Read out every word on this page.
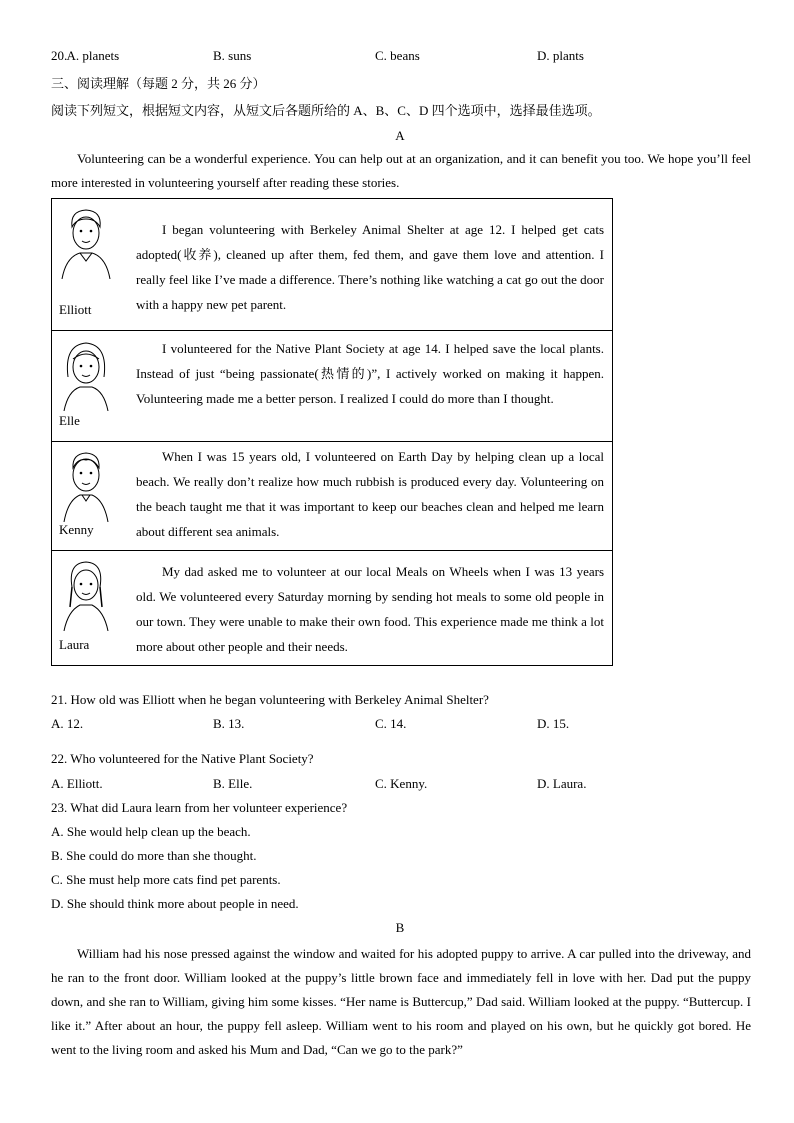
20. A. planets	B. suns	C. beans	D. plants
三、阅读理解（每题 2 分，共 26 分）
阅读下列短文，根据短文内容，从短文后各题所给的 A、B、C、D 四个选项中，选择最佳选项。
A
Volunteering can be a wonderful experience. You can help out at an organization, and it can benefit you too. We hope you’ll feel more interested in volunteering yourself after reading these stories.
Elliott

I began volunteering with Berkeley Animal Shelter at age 12. I helped get cats adopted(收养), cleaned up after them, fed them, and gave them love and attention. I really feel like I’ve made a difference. There’s nothing like watching a cat go out the door with a happy new pet parent.

Elle

I volunteered for the Native Plant Society at age 14. I helped save the local plants. Instead of just “being passionate(热情的)”, I actively worked on making it happen. Volunteering made me a better person. I realized I could do more than I thought.

Kenny

When I was 15 years old, I volunteered on Earth Day by helping clean up a local beach. We really don’t realize how much rubbish is produced every day. Volunteering on the beach taught me that it was important to keep our beaches clean and helped me learn about different sea animals.

Laura

My dad asked me to volunteer at our local Meals on Wheels when I was 13 years old. We volunteered every Saturday morning by sending hot meals to some old people in our town. They were unable to make their own food. This experience made me think a lot more about other people and their needs.

21. How old was Elliott when he began volunteering with Berkeley Animal Shelter?
A. 12.	B. 13.	C. 14.	D. 15.
22. Who volunteered for the Native Plant Society?
A. Elliott.	B. Elle.	C. Kenny.	D. Laura.
23. What did Laura learn from her volunteer experience?
A. She would help clean up the beach.
B. She could do more than she thought.
C. She must help more cats find pet parents.
D. She should think more about people in need.
B
William had his nose pressed against the window and waited for his adopted puppy to arrive. A car pulled into the driveway, and he ran to the front door. William looked at the puppy’s little brown face and immediately fell in love with her. Dad put the puppy down, and she ran to William, giving him some kisses. “Her name is Buttercup,” Dad said. William looked at the puppy. “Buttercup. I like it.” After about an hour, the puppy fell asleep. William went to his room and played on his own, but he quickly got bored. He went to the living room and asked his Mum and Dad, “Can we go to the park?”
